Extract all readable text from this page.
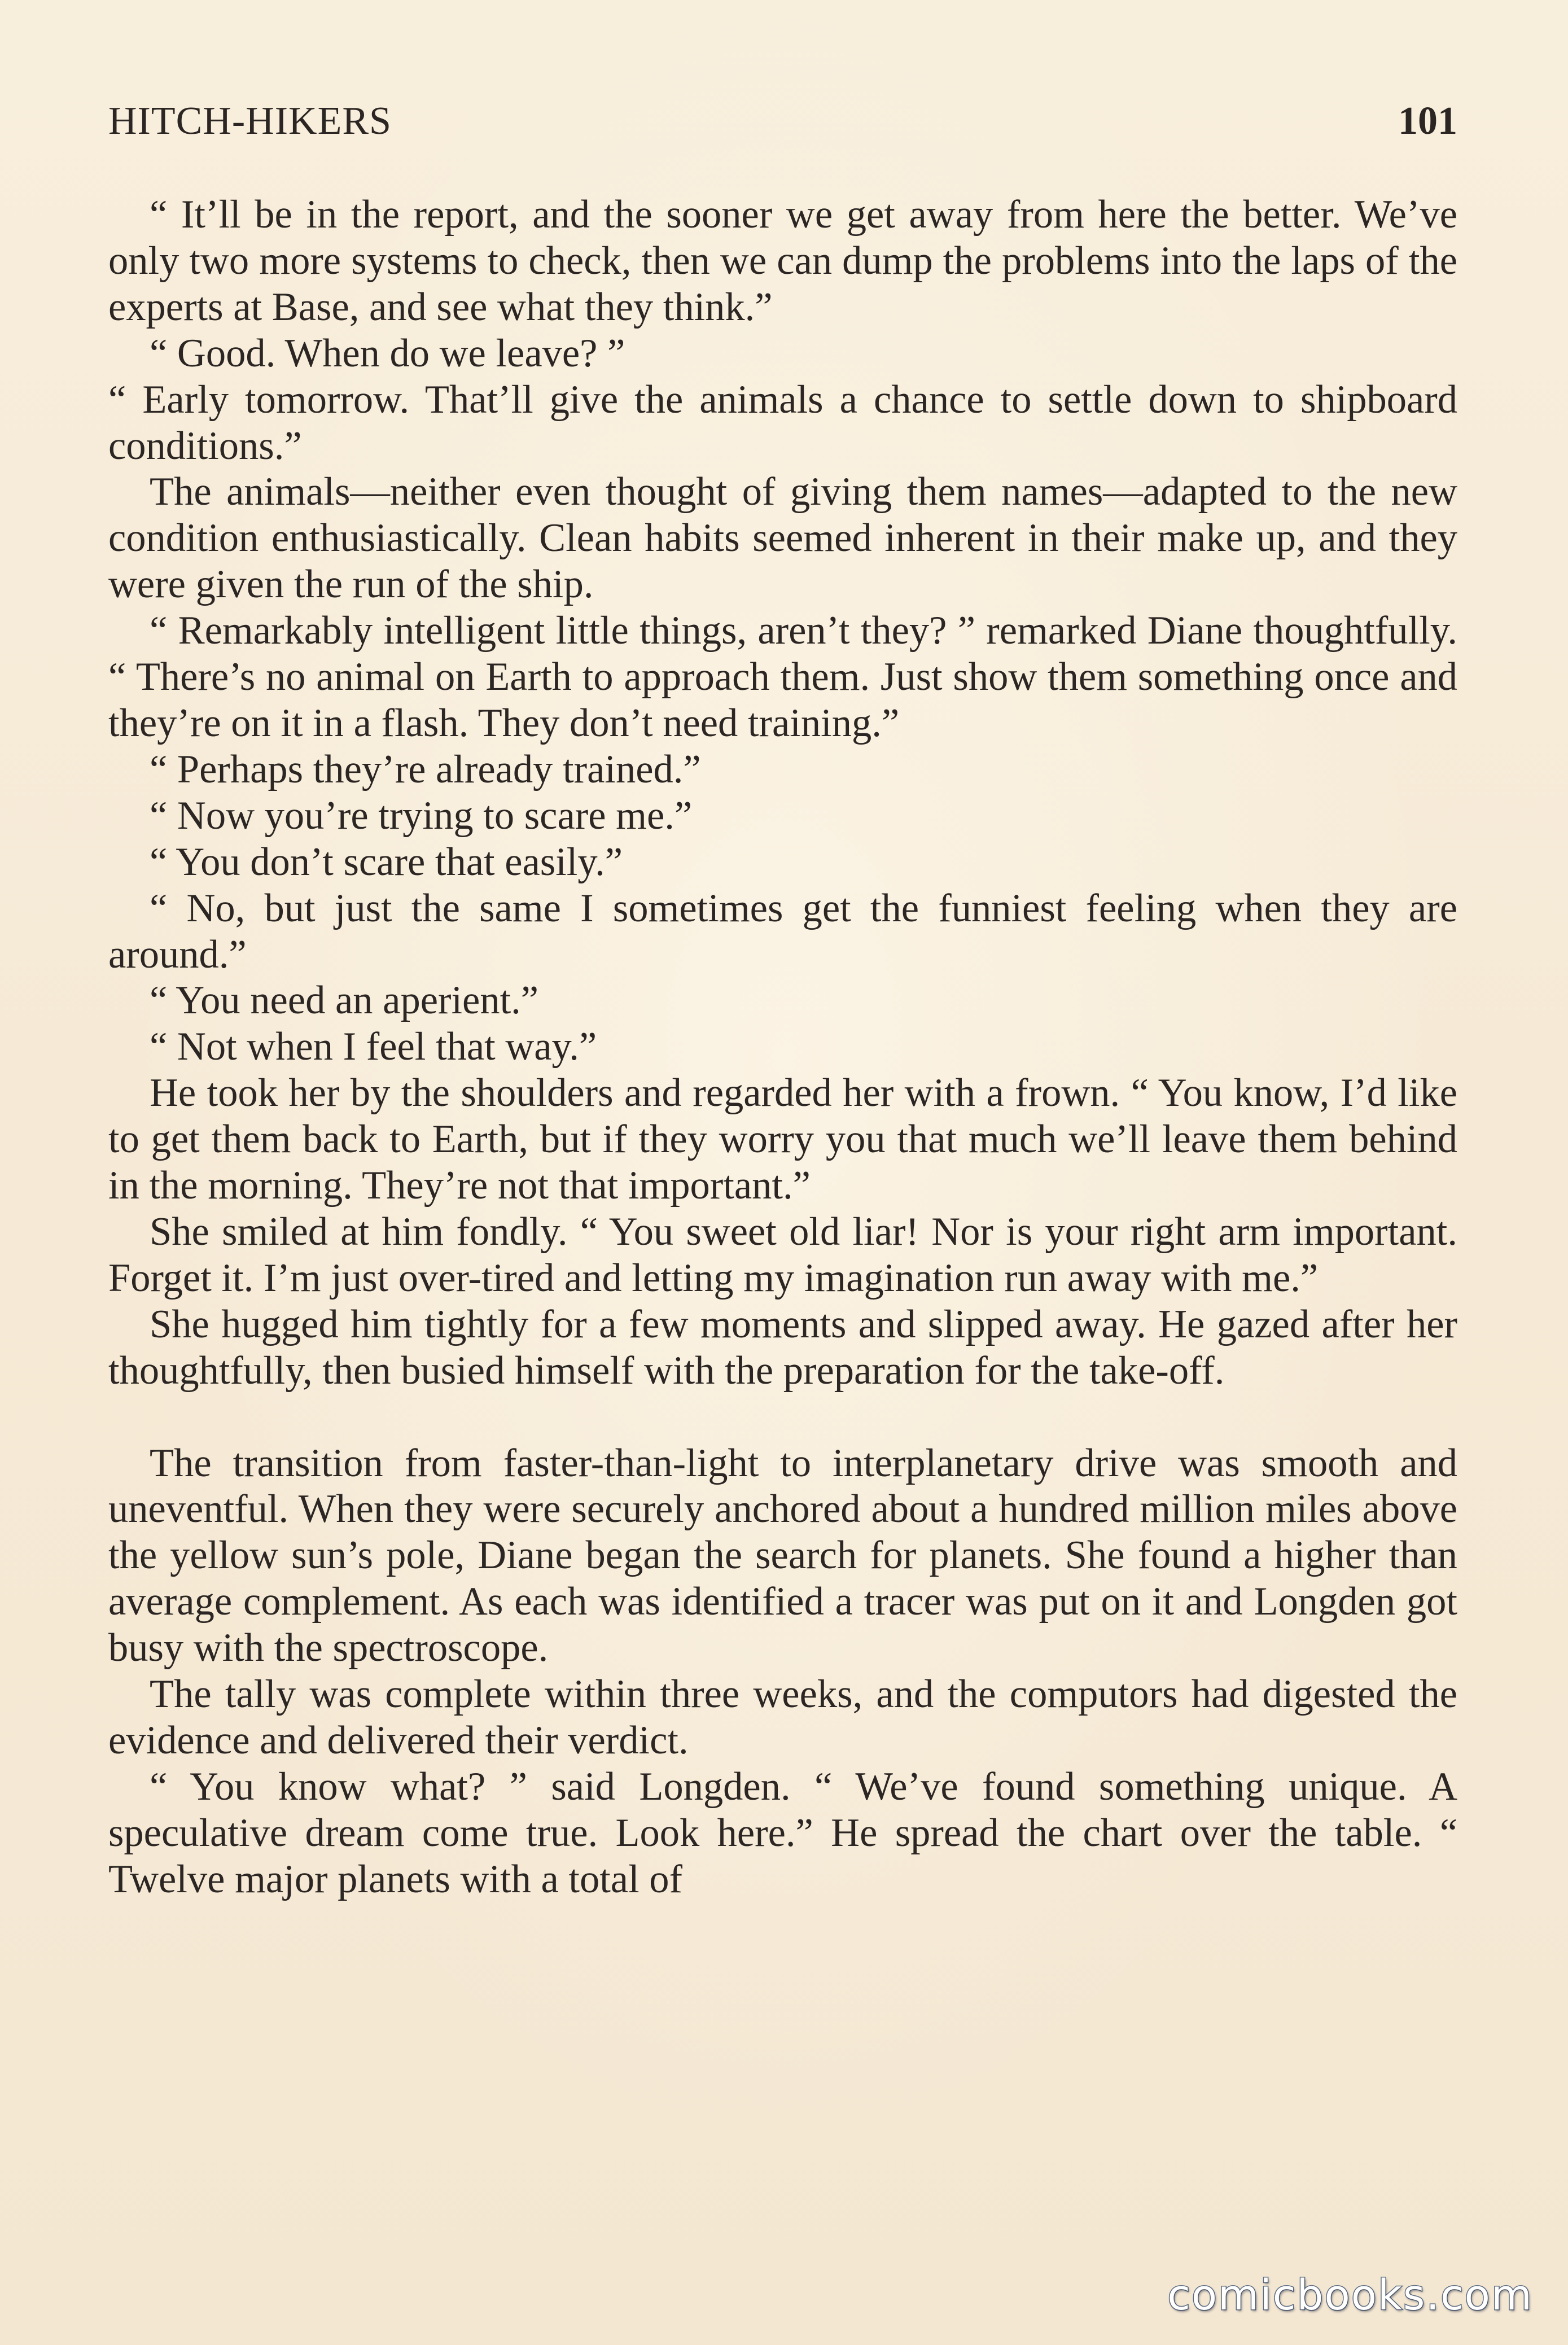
HITCH-HIKERS	101

“ It’ll be in the report, and the sooner we get away from here the better. We’ve only two more systems to check, then we can dump the problems into the laps of the experts at Base, and see what they think.”

“ Good. When do we leave? ”

“ Early tomorrow. That’ll give the animals a chance to settle down to shipboard conditions.”

The animals—neither even thought of giving them names—adapted to the new condition enthusiastically. Clean habits seemed inherent in their make up, and they were given the run of the ship.

“ Remarkably intelligent little things, aren’t they? ” remarked Diane thoughtfully. “ There’s no animal on Earth to approach them. Just show them something once and they’re on it in a flash. They don’t need training.”

“ Perhaps they’re already trained.”

“ Now you’re trying to scare me.”

“ You don’t scare that easily.”

“ No, but just the same I sometimes get the funniest feeling when they are around.”

“ You need an aperient.”

“ Not when I feel that way.”

He took her by the shoulders and regarded her with a frown. “ You know, I’d like to get them back to Earth, but if they worry you that much we’ll leave them behind in the morning. They’re not that important.”

She smiled at him fondly. “ You sweet old liar! Nor is your right arm important. Forget it. I’m just over-tired and letting my imagination run away with me.”

She hugged him tightly for a few moments and slipped away. He gazed after her thoughtfully, then busied himself with the preparation for the take-off.

The transition from faster-than-light to interplanetary drive was smooth and uneventful. When they were securely anchored about a hundred million miles above the yellow sun’s pole, Diane began the search for planets. She found a higher than average complement. As each was identified a tracer was put on it and Longden got busy with the spectroscope.

The tally was complete within three weeks, and the computors had digested the evidence and delivered their verdict.

“ You know what? ” said Longden. “ We’ve found something unique. A speculative dream come true. Look here.” He spread the chart over the table. “ Twelve major planets with a total of

comicbooks.com
